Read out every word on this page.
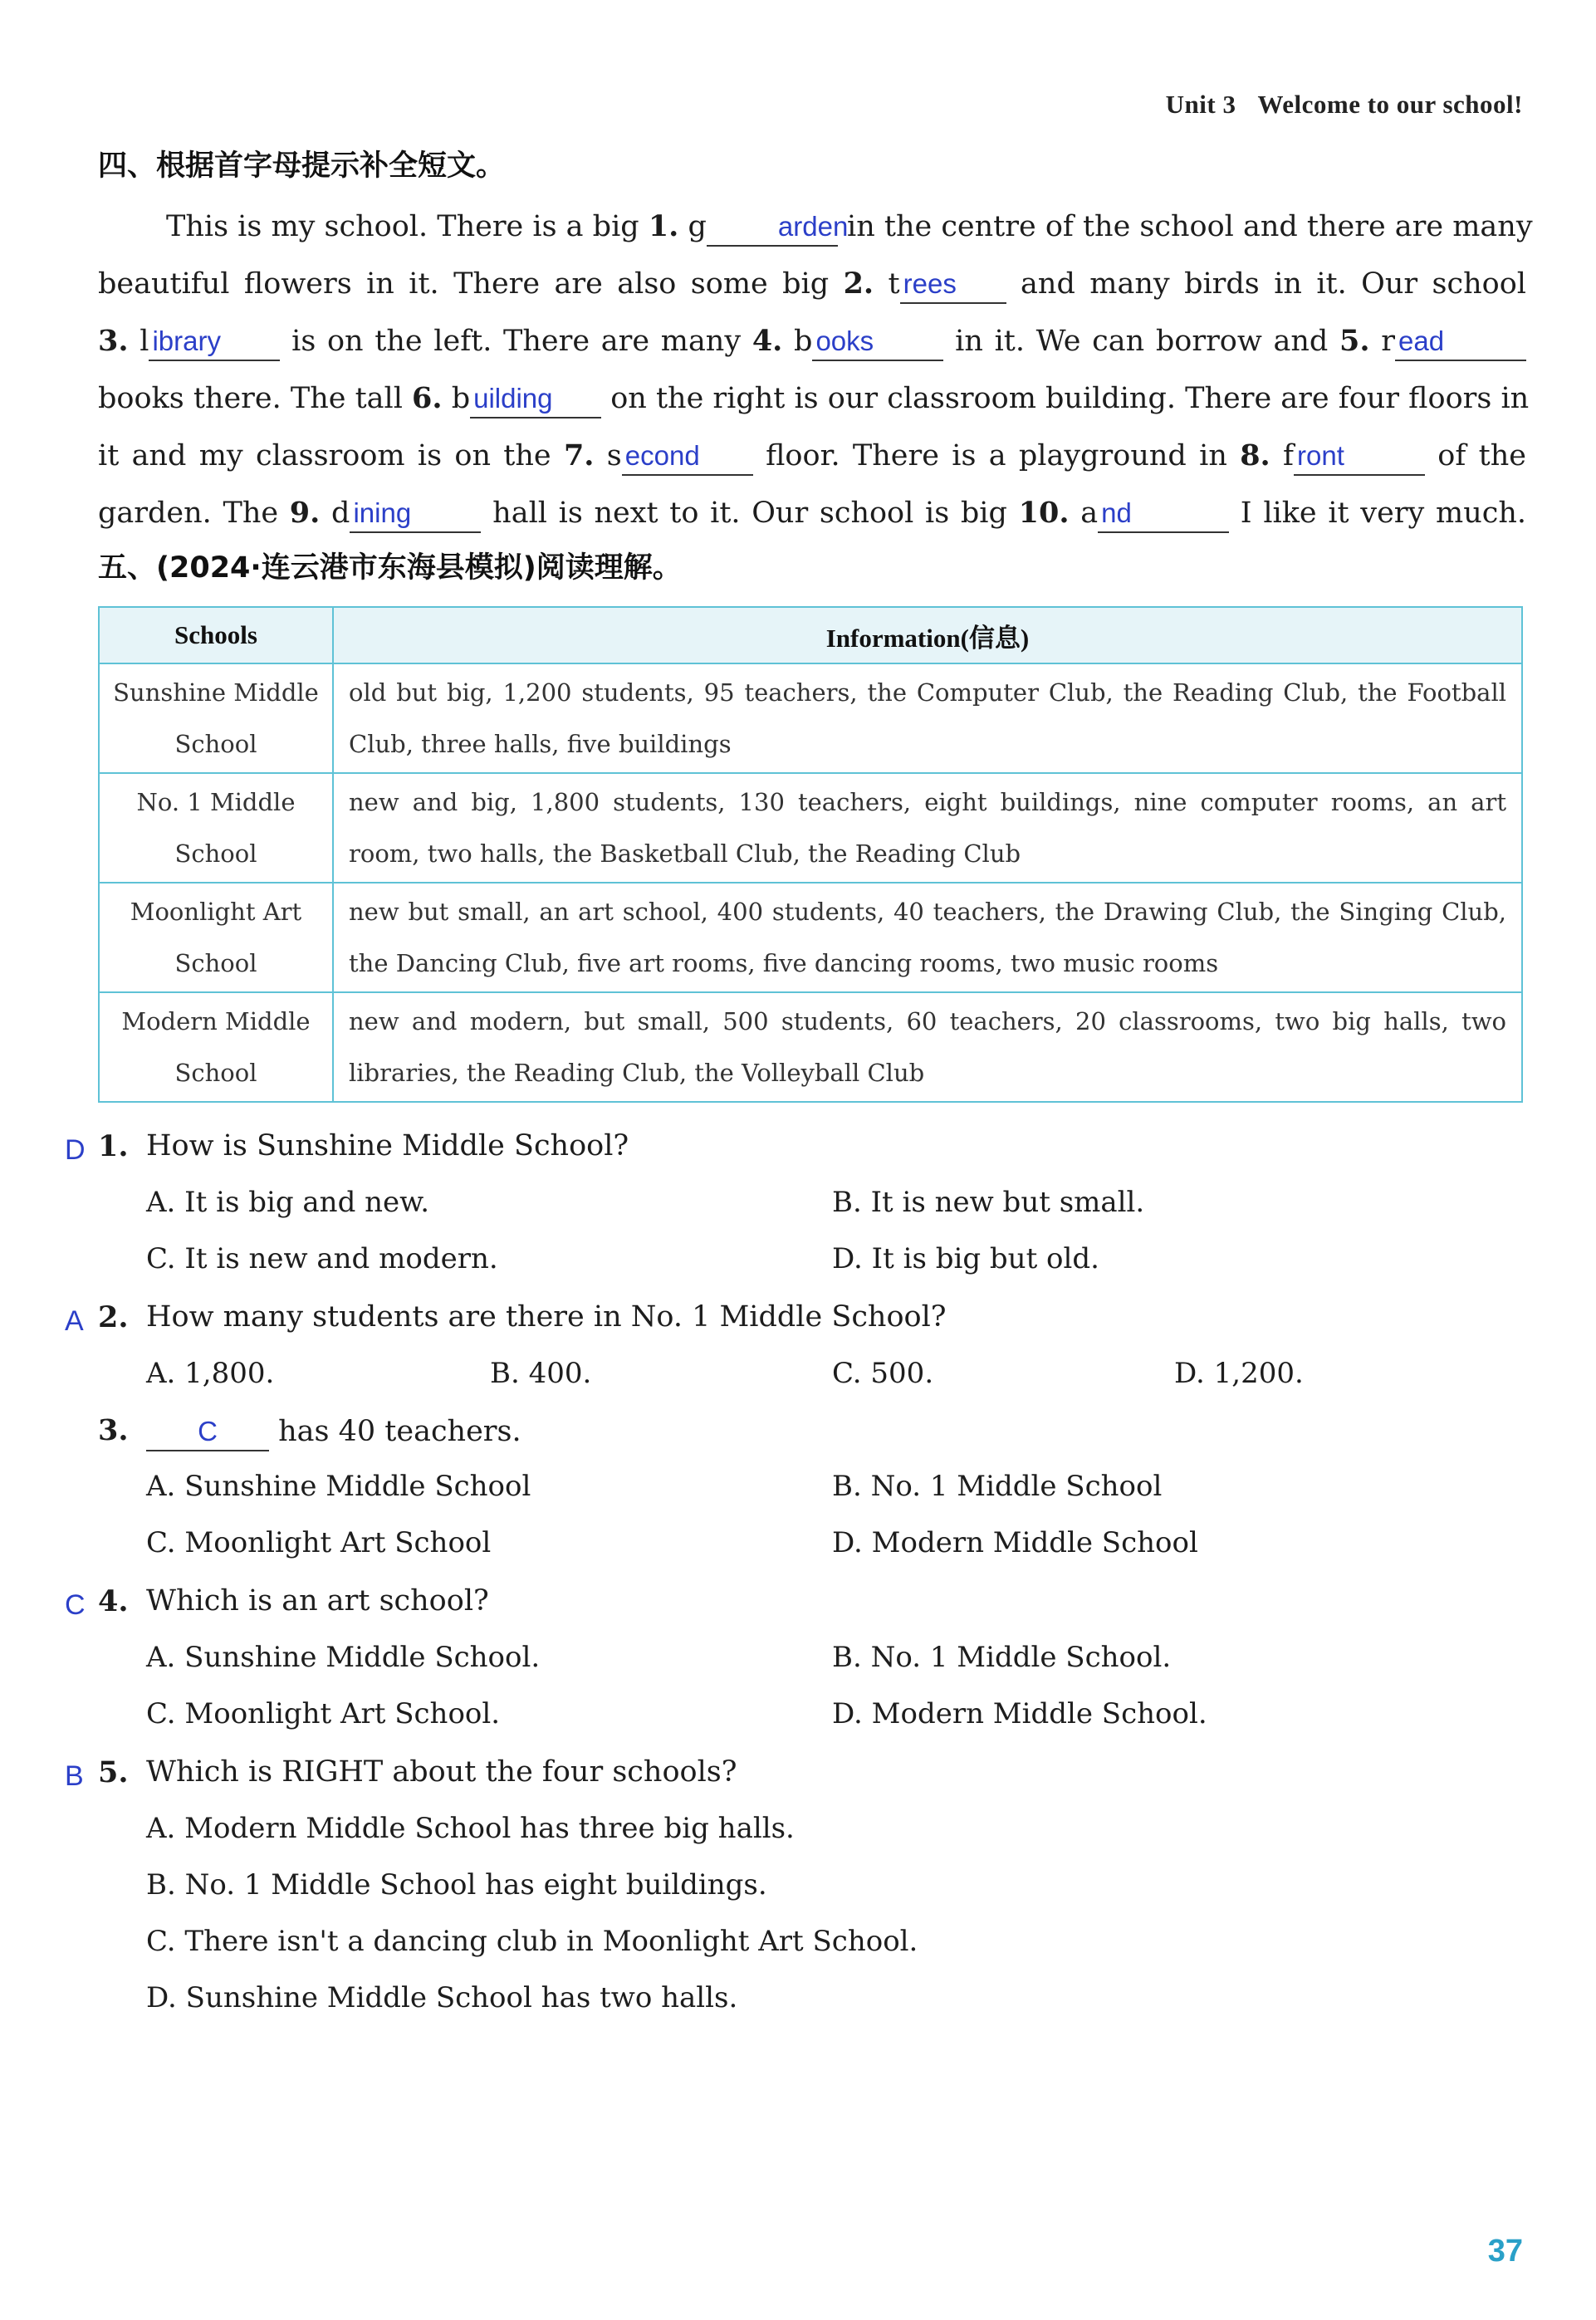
Unit 3 Welcome to our school!
四、根据首字母提示补全短文。
This is my school. There is a big 1. g	arden in the centre of the school and there are many
beautiful flowers in it. There are also some big 2. t rees and many birds in it. Our school
3. l ibrary is on the left. There are many 4. b ooks in it. We can borrow and 5. r ead
books there. The tall 6. b uilding on the right is our classroom building. There are four floors in
it and my classroom is on the 7. s econd floor. There is a playground in 8. f ront	of the
garden. The 9. d ining hall is next to it. Our school is big 10. a nd	I like it very much.
五、(2024·连云港市东海县模拟)阅读理解。
Schools	Information(信息)
Sunshine Middle School	old but big, 1,200 students, 95 teachers, the Computer Club, the Reading Club, the Football Club, three halls, five buildings
No. 1 Middle School	new and big, 1,800 students, 130 teachers, eight buildings, nine computer rooms, an art room, two halls, the Basketball Club, the Reading Club
Moonlight Art School	new but small, an art school, 400 students, 40 teachers, the Drawing Club, the Singing Club, the Dancing Club, five art rooms, five dancing rooms, two music rooms
Modern Middle School	new and modern, but small, 500 students, 60 teachers, 20 classrooms, two big halls, two libraries, the Reading Club, the Volleyball Club
D 1. How is Sunshine Middle School?
A. It is big and new.	B. It is new but small.
C. It is new and modern.	D. It is big but old.
A 2. How many students are there in No. 1 Middle School?
A. 1,800.	B. 400.	C. 500.	D. 1,200.
3.	C has 40 teachers.
A. Sunshine Middle School	B. No. 1 Middle School
C. Moonlight Art School	D. Modern Middle School
C 4. Which is an art school?
A. Sunshine Middle School.	B. No. 1 Middle School.
C. Moonlight Art School.	D. Modern Middle School.
B 5. Which is RIGHT about the four schools?
A. Modern Middle School has three big halls.
B. No. 1 Middle School has eight buildings.
C. There isn't a dancing club in Moonlight Art School.
D. Sunshine Middle School has two halls.
37
